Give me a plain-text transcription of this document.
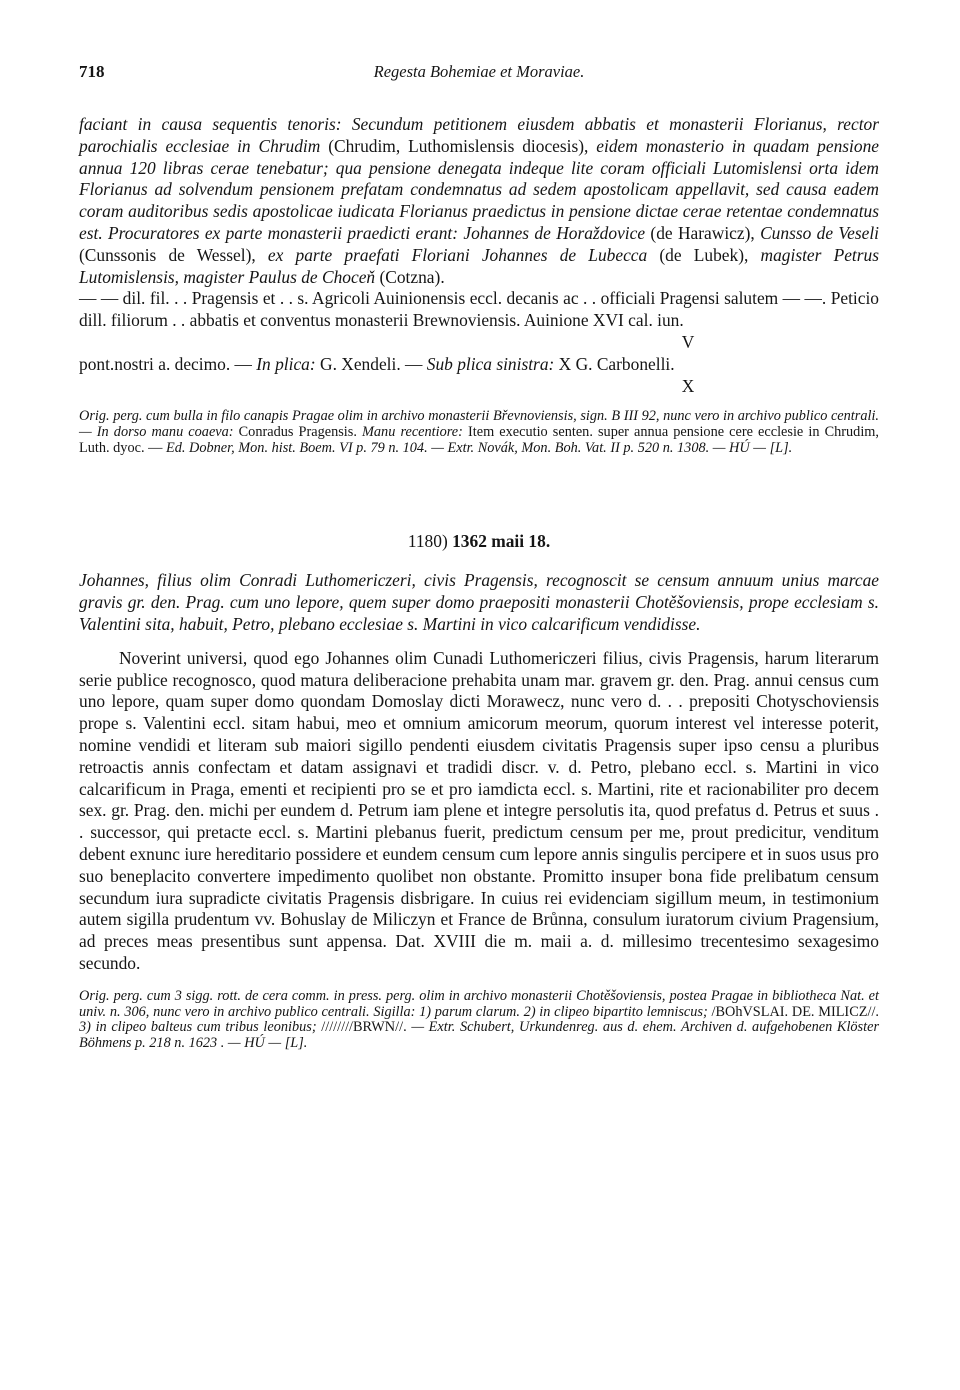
718	Regesta Bohemiae et Moraviae.

faciant in causa sequentis tenoris: Secundum petitionem eiusdem abbatis et monasterii Florianus, rector parochialis ecclesiae in Chrudim (Chrudim, Luthomislensis diocesis), eidem monasterio in quadam pensione annua 120 libras cerae tenebatur; qua pensione denegata indeque lite coram officiali Lutomislensi orta idem Florianus ad solvendum pensionem prefatam condemnatus ad sedem apostolicam appellavit, sed causa eadem coram auditoribus sedis apostolicae iudicata Florianus praedictus in pensione dictae cerae retentae condemnatus est. Procuratores ex parte monasterii praedicti erant: Johannes de Horaždovice (de Harawicz), Cunsso de Veseli (Cunssonis de Wessel), ex parte praefati Floriani Johannes de Lubecca (de Lubek), magister Petrus Lutomislensis, magister Paulus de Choceň (Cotzna).

— — dil. fil. . . Pragensis et . . s. Agricoli Auinionensis eccl. decanis ac . . officiali Pragensi salutem — —. Peticio dill. filiorum . . abbatis et conventus monasterii Brewnoviensis. Auinione XVI cal. iun.

V
pont.nostri a. decimo. — In plica: G. Xendeli. — Sub plica sinistra: X G. Carbonelli.
X

Orig. perg. cum bulla in filo canapis Pragae olim in archivo monasterii Břevnoviensis, sign. B III 92, nunc vero in archivo publico centrali. — In dorso manu coaeva: Conradus Pragensis. Manu recentiore: Item executio senten. super annua pensione cere ecclesie in Chrudim, Luth. dyoc. — Ed. Dobner, Mon. hist. Boem. VI p. 79 n. 104. — Extr. Novák, Mon. Boh. Vat. II p. 520 n. 1308. — HÚ — [L].

1180) 1362 maii 18.

Johannes, filius olim Conradi Luthomericzeri, civis Pragensis, recognoscit se censum annuum unius marcae gravis gr. den. Prag. cum uno lepore, quem super domo praepositi monasterii Chotěšoviensis, prope ecclesiam s. Valentini sita, habuit, Petro, plebano ecclesiae s. Martini in vico calcarificum vendidisse.

Noverint universi, quod ego Johannes olim Cunadi Luthomericzeri filius, civis Pragensis, harum literarum serie publice recognosco, quod matura deliberacione prehabita unam mar. gravem gr. den. Prag. annui census cum uno lepore, quam super domo quondam Domoslay dicti Morawecz, nunc vero d. . . prepositi Chotyschoviensis prope s. Valentini eccl. sitam habui, meo et omnium amicorum meorum, quorum interest vel interesse poterit, nomine vendidi et literam sub maiori sigillo pendenti eiusdem civitatis Pragensis super ipso censu a pluribus retroactis annis confectam et datam assignavi et tradidi discr. v. d. Petro, plebano eccl. s. Martini in vico calcarificum in Praga, ementi et recipienti pro se et pro iamdicta eccl. s. Martini, rite et racionabiliter pro decem sex. gr. Prag. den. michi per eundem d. Petrum iam plene et integre persolutis ita, quod prefatus d. Petrus et suus . . successor, qui pretacte eccl. s. Martini plebanus fuerit, predictum censum per me, prout predicitur, venditum debent exnunc iure hereditario possidere et eundem censum cum lepore annis singulis percipere et in suos usus pro suo beneplacito convertere impedimento quolibet non obstante. Promitto insuper bona fide prelibatum censum secundum iura supradicte civitatis Pragensis disbrigare. In cuius rei evidenciam sigillum meum, in testimonium autem sigilla prudentum vv. Bohuslay de Miliczyn et France de Brůnna, consulum iuratorum civium Pragensium, ad preces meas presentibus sunt appensa. Dat. XVIII die m. maii a. d. millesimo trecentesimo sexagesimo secundo.

Orig. perg. cum 3 sigg. rott. de cera comm. in press. perg. olim in archivo monasterii Chotěšoviensis, postea Pragae in bibliotheca Nat. et univ. n. 306, nunc vero in archivo publico centrali. Sigilla: 1) parum clarum. 2) in clipeo bipartito lemniscus; /BOhVSLAI. DE. MILICZ//. 3) in clipeo balteus cum tribus leonibus; ////////BRWN//. — Extr. Schubert, Urkundenreg. aus d. ehem. Archiven d. aufgehobenen Klöster Böhmens p. 218 n. 1623 . — HÚ — [L].
